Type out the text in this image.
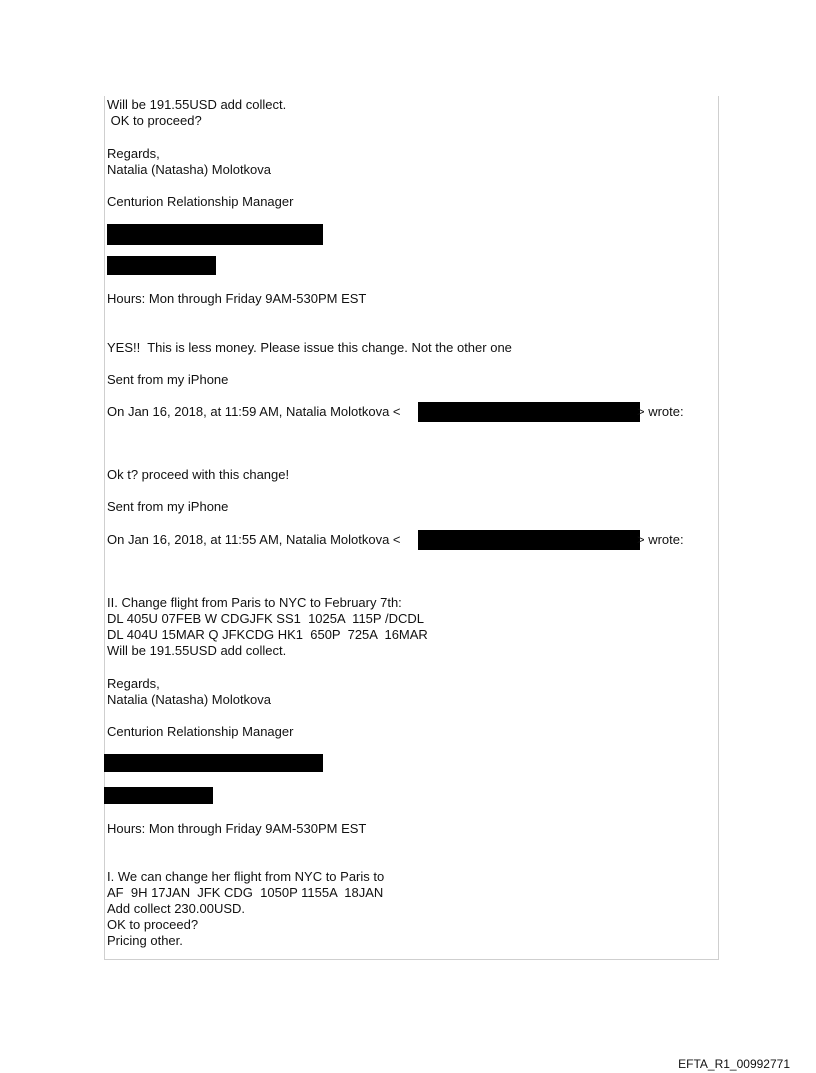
Will be 191.55USD add collect.
OK to proceed?
Regards,
Natalia (Natasha) Molotkova
Centurion Relationship Manager
Hours: Mon through Friday 9AM-530PM EST
YES!!  This is less money. Please issue this change. Not the other one
Sent from my iPhone
On Jan 16, 2018, at 11:59 AM, Natalia Molotkova <	> wrote:
Ok t? proceed with this change!
Sent from my iPhone
On Jan 16, 2018, at 11:55 AM, Natalia Molotkova <	> wrote:
II. Change flight from Paris to NYC to February 7th:
DL 405U 07FEB W CDGJFK SS1  1025A  115P /DCDL
DL 404U 15MAR Q JFKCDG HK1  650P  725A  16MAR
Will be 191.55USD add collect.
Regards,
Natalia (Natasha) Molotkova
Centurion Relationship Manager
Hours: Mon through Friday 9AM-530PM EST
I. We can change her flight from NYC to Paris to
AF  9H 17JAN  JFK CDG  1050P 1155A  18JAN
Add collect 230.00USD.
OK to proceed?
Pricing other.
EFTA_R1_00992771
